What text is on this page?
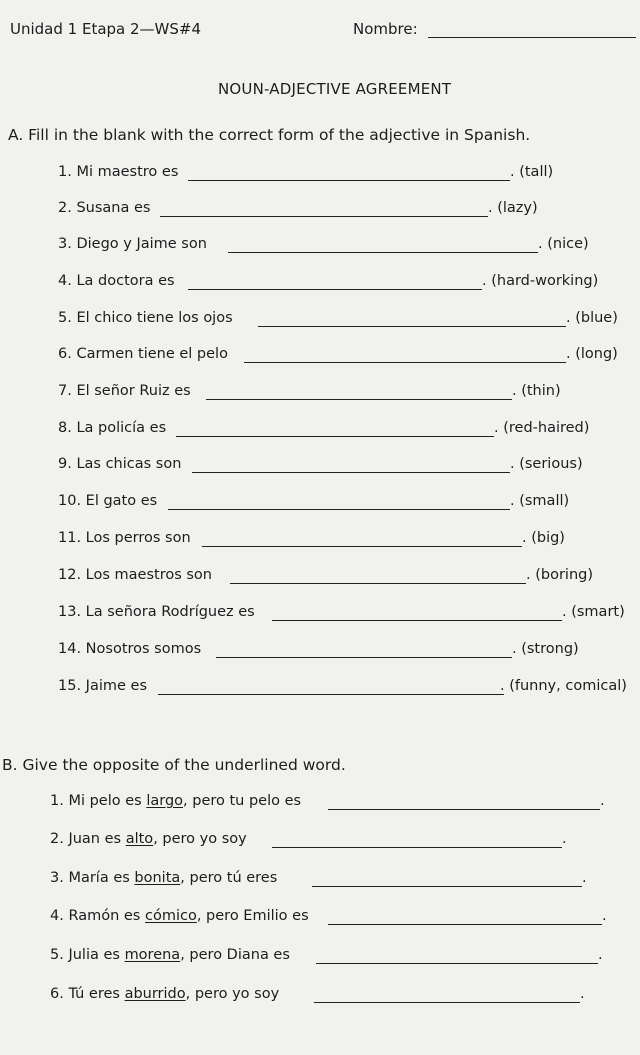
Unidad 1 Etapa 2—WS#4	Nombre:
NOUN-ADJECTIVE AGREEMENT
A. Fill in the blank with the correct form of the adjective in Spanish.
1. Mi maestro es	. (tall)
2. Susana es	. (lazy)
3. Diego y Jaime son	. (nice)
4. La doctora es	. (hard-working)
5. El chico tiene los ojos	. (blue)
6. Carmen tiene el pelo	. (long)
7. El señor Ruiz es	. (thin)
8. La policía es	. (red-haired)
9. Las chicas son	. (serious)
10. El gato es	. (small)
11. Los perros son	. (big)
12. Los maestros son	. (boring)
13. La señora Rodríguez es	. (smart)
14. Nosotros somos	. (strong)
15. Jaime es	. (funny, comical)
B. Give the opposite of the underlined word.
1. Mi pelo es largo, pero tu pelo es	.
2. Juan es alto, pero yo soy	.
3. María es bonita, pero tú eres	.
4. Ramón es cómico, pero Emilio es	.
5. Julia es morena, pero Diana es	.
6. Tú eres aburrido, pero yo soy	.
